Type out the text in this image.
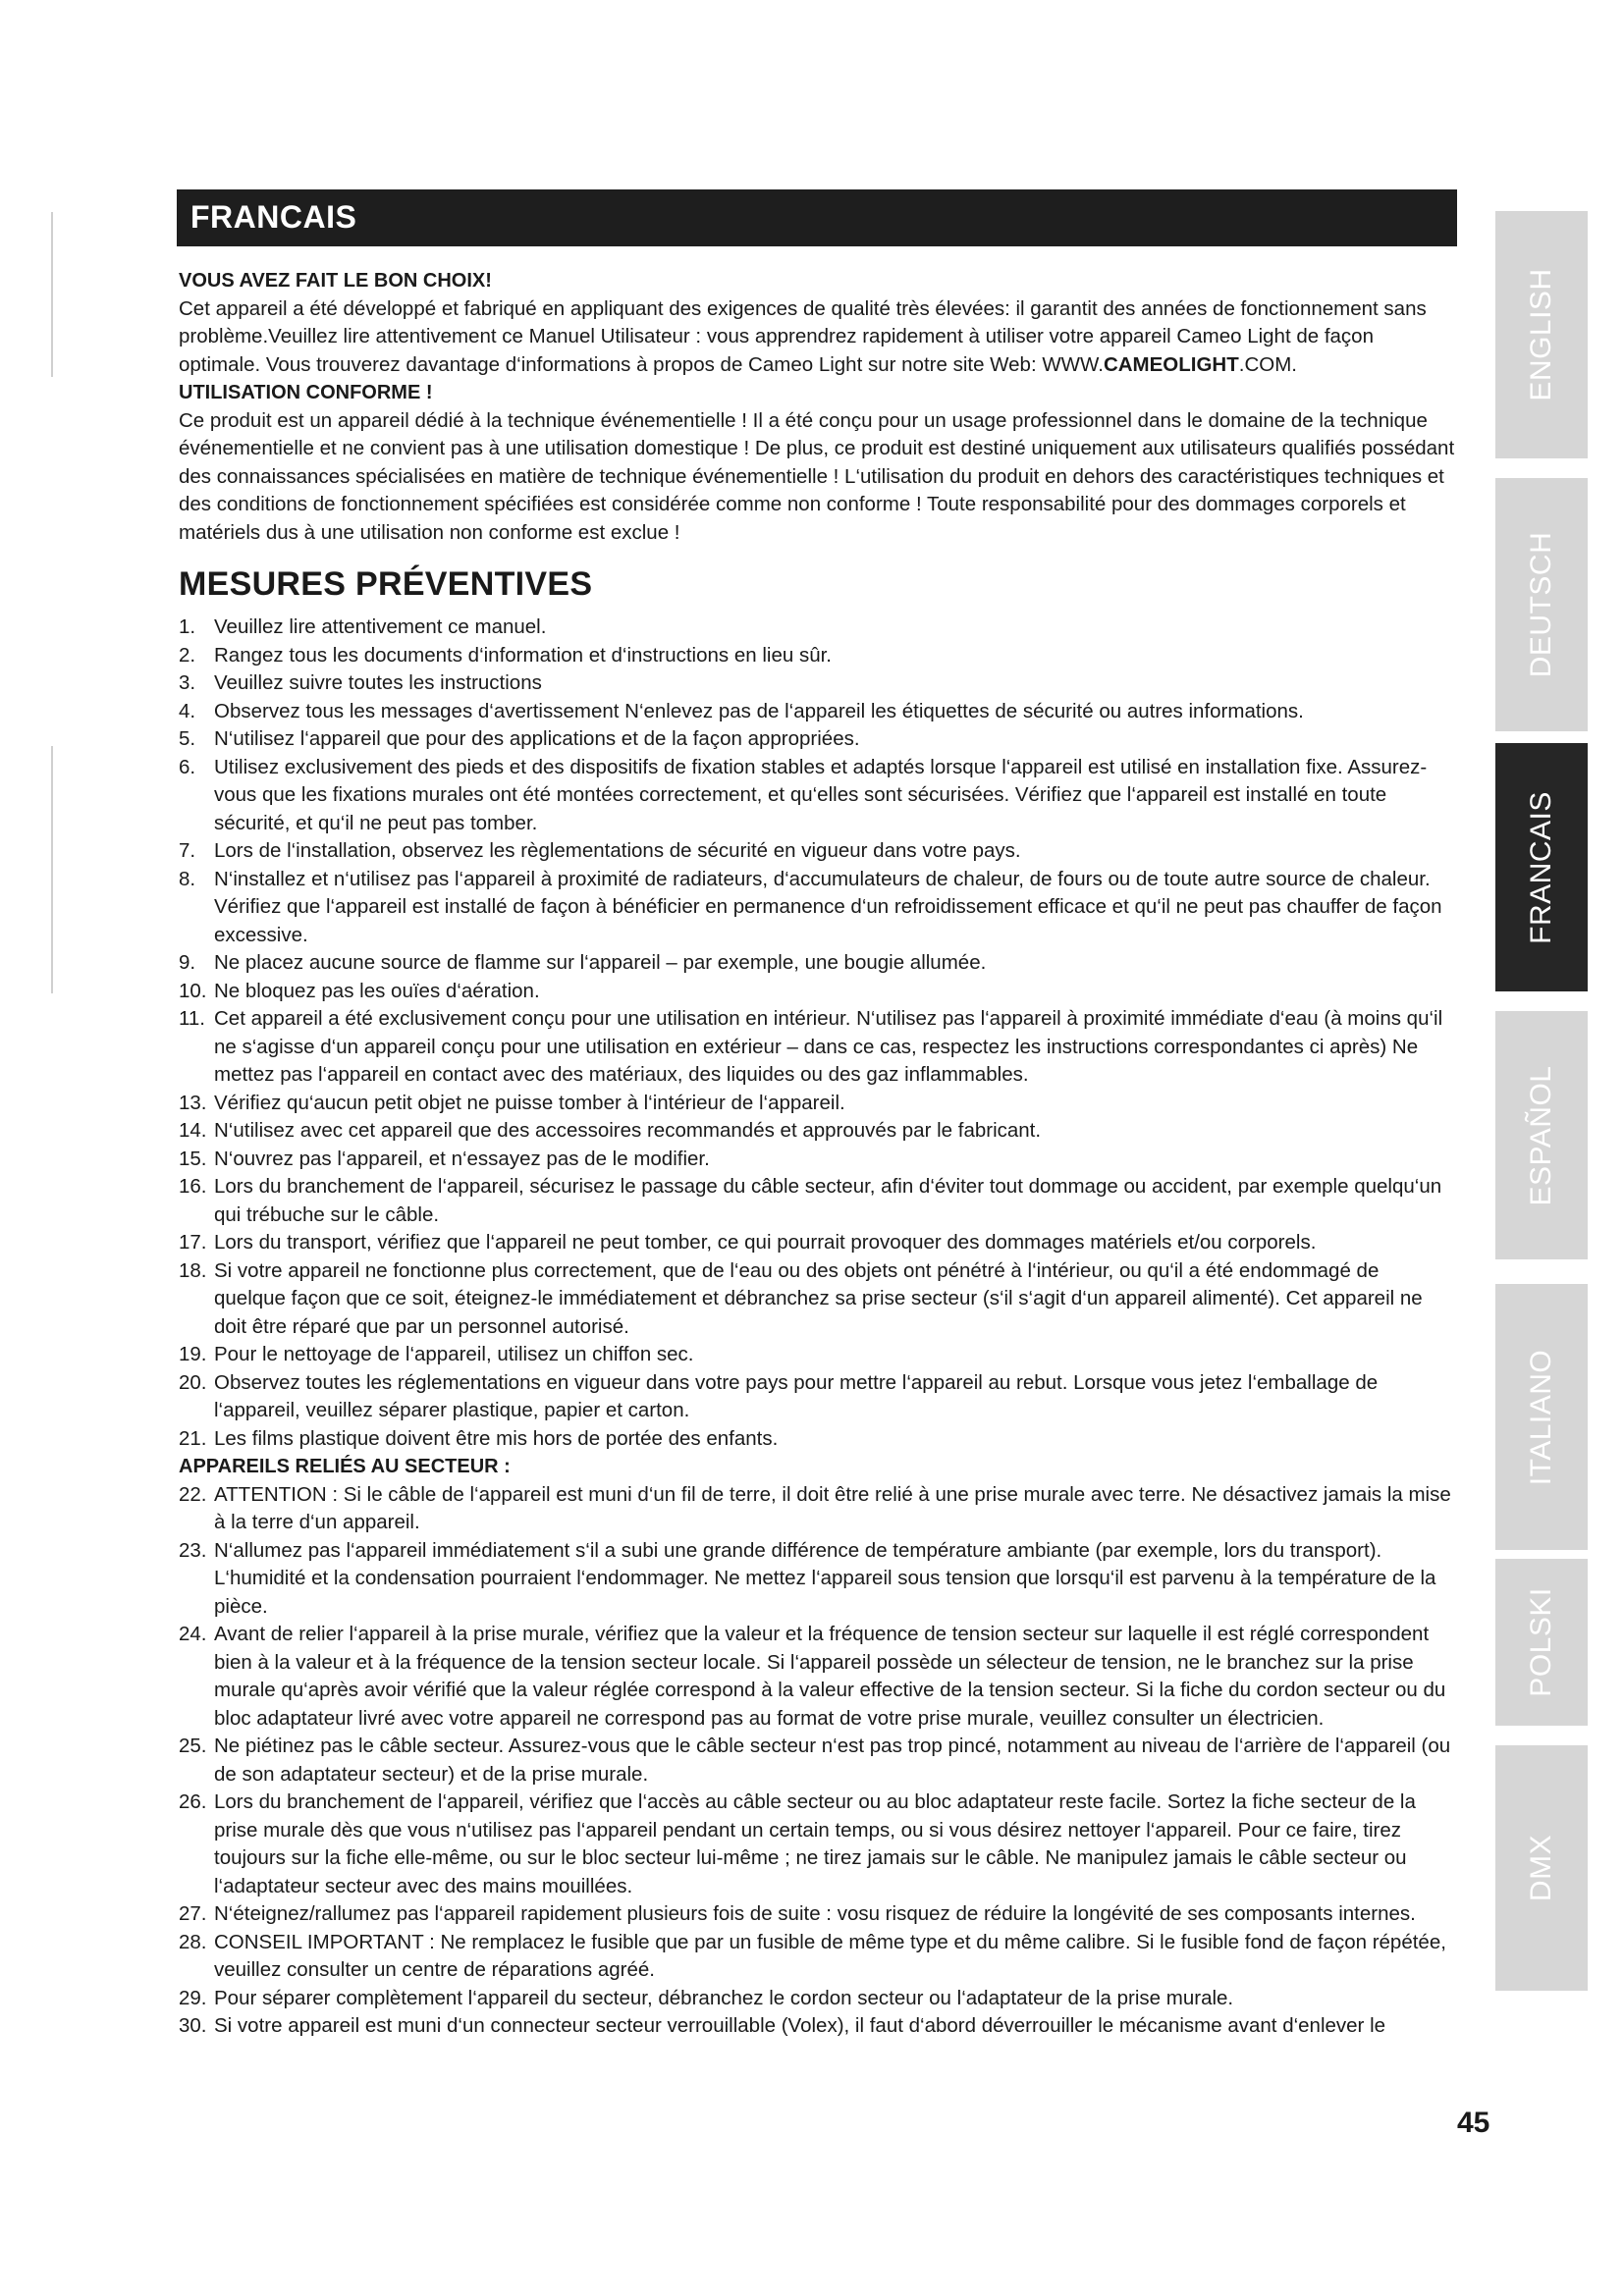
FRANCAIS

VOUS AVEZ FAIT LE BON CHOIX!

Cet appareil a été développé et fabriqué en appliquant des exigences de qualité très élevées: il garantit des années de fonctionnement sans problème.Veuillez lire attentivement ce Manuel Utilisateur : vous apprendrez rapidement à utiliser votre appareil Cameo Light de façon optimale. Vous trouverez davantage d‘informations à propos de Cameo Light sur notre site Web: WWW.CAMEOLIGHT.COM.

UTILISATION CONFORME !

Ce produit est un appareil dédié à la technique événementielle ! Il a été conçu pour un usage professionnel dans le domaine de la technique événementielle et ne convient pas à une utilisation domestique ! De plus, ce produit est destiné uniquement aux utilisateurs qualifiés possédant des connaissances spécialisées en matière de technique événementielle ! L‘utilisation du produit en dehors des caractéristiques techniques et des conditions de fonctionnement spécifiées est considérée comme non conforme ! Toute responsabilité pour des dommages corporels et matériels dus à une utilisation non conforme est exclue !

MESURES PRÉVENTIVES
1. Veuillez lire attentivement ce manuel.
2. Rangez tous les documents d‘information et d‘instructions en lieu sûr.
3. Veuillez suivre toutes les instructions
4. Observez tous les messages d‘avertissement N‘enlevez pas de l‘appareil les étiquettes de sécurité ou autres informations.
5. N‘utilisez l‘appareil que pour des applications et de la façon appropriées.
6. Utilisez exclusivement des pieds et des dispositifs de fixation stables et adaptés lorsque l‘appareil est utilisé en installation fixe. Assurez-vous que les fixations murales ont été montées correctement, et qu‘elles sont sécurisées. Vérifiez que l‘appareil est installé en toute sécurité, et qu‘il ne peut pas tomber.
7. Lors de l‘installation, observez les règlementations de sécurité en vigueur dans votre pays.
8. N‘installez et n‘utilisez pas l‘appareil à proximité de radiateurs, d‘accumulateurs de chaleur, de fours ou de toute autre source de chaleur. Vérifiez que l‘appareil est installé de façon à bénéficier en permanence d‘un refroidissement efficace et qu‘il ne peut pas chauffer de façon excessive.
9. Ne placez aucune source de flamme sur l‘appareil – par exemple, une bougie allumée.
10. Ne bloquez pas les ouïes d‘aération.
11. Cet appareil a été exclusivement conçu pour une utilisation en intérieur. N‘utilisez pas l‘appareil à proximité immédiate d‘eau (à moins qu‘il ne s‘agisse d‘un appareil conçu pour une utilisation en extérieur – dans ce cas, respectez les instructions correspondantes ci après) Ne mettez pas l‘appareil en contact avec des matériaux, des liquides ou des gaz inflammables.
13. Vérifiez qu‘aucun petit objet ne puisse tomber à l‘intérieur de l‘appareil.
14. N‘utilisez avec cet appareil que des accessoires recommandés et approuvés par le fabricant.
15. N‘ouvrez pas l‘appareil, et n‘essayez pas de le modifier.
16. Lors du branchement de l‘appareil, sécurisez le passage du câble secteur, afin d‘éviter tout dommage ou accident, par exemple quelqu‘un qui trébuche sur le câble.
17. Lors du transport, vérifiez que l‘appareil ne peut tomber, ce qui pourrait provoquer des dommages matériels et/ou corporels.
18. Si votre appareil ne fonctionne plus correctement, que de l‘eau ou des objets ont pénétré à l‘intérieur, ou qu‘il a été endommagé de quelque façon que ce soit, éteignez-le immédiatement et débranchez sa prise secteur (s‘il s‘agit d‘un appareil alimenté). Cet appareil ne doit être réparé que par un personnel autorisé.
19. Pour le nettoyage de l‘appareil, utilisez un chiffon sec.
20. Observez toutes les réglementations en vigueur dans votre pays pour mettre l‘appareil au rebut. Lorsque vous jetez l‘emballage de l‘appareil, veuillez séparer plastique, papier et carton.
21. Les films plastique doivent être mis hors de portée des enfants.

APPAREILS RELIÉS AU SECTEUR :

22. ATTENTION : Si le câble de l‘appareil est muni d‘un fil de terre, il doit être relié à une prise murale avec terre. Ne désactivez jamais la mise à la terre d‘un appareil.
23. N‘allumez pas l‘appareil immédiatement s‘il a subi une grande différence de température ambiante (par exemple, lors du transport). L‘humidité et la condensation pourraient l‘endommager. Ne mettez l‘appareil sous tension que lorsqu‘il est parvenu à la température de la pièce.
24. Avant de relier l‘appareil à la prise murale, vérifiez que la valeur et la fréquence de tension secteur sur laquelle il est réglé correspondent bien à la valeur et à la fréquence de la tension secteur locale. Si l‘appareil possède un sélecteur de tension, ne le branchez sur la prise murale qu‘après avoir vérifié que la valeur réglée correspond à la valeur effective de la tension secteur. Si la fiche du cordon secteur ou du bloc adaptateur livré avec votre appareil ne correspond pas au format de votre prise murale, veuillez consulter un électricien.
25. Ne piétinez pas le câble secteur. Assurez-vous que le câble secteur n‘est pas trop pincé, notamment au niveau de l‘arrière de l‘appareil (ou de son adaptateur secteur) et de la prise murale.
26. Lors du branchement de l‘appareil, vérifiez que l‘accès au câble secteur ou au bloc adaptateur reste facile. Sortez la fiche secteur de la prise murale dès que vous n‘utilisez pas l‘appareil pendant un certain temps, ou si vous désirez nettoyer l‘appareil. Pour ce faire, tirez toujours sur la fiche elle-même, ou sur le bloc secteur lui-même ; ne tirez jamais sur le câble. Ne manipulez jamais le câble secteur ou l‘adaptateur secteur avec des mains mouillées.
27. N‘éteignez/rallumez pas l‘appareil rapidement plusieurs fois de suite : vosu risquez de réduire la longévité de ses composants internes.
28. CONSEIL IMPORTANT : Ne remplacez le fusible que par un fusible de même type et du même calibre. Si le fusible fond de façon répétée, veuillez consulter un centre de réparations agréé.
29. Pour séparer complètement l‘appareil du secteur, débranchez le cordon secteur ou l‘adaptateur de la prise murale.
30. Si votre appareil est muni d‘un connecteur secteur verrouillable (Volex), il faut d‘abord déverrouiller le mécanisme avant d‘enlever le
ENGLISH
DEUTSCH
FRANCAIS
ESPAÑOL
ITALIANO
POLSKI
DMX
45
